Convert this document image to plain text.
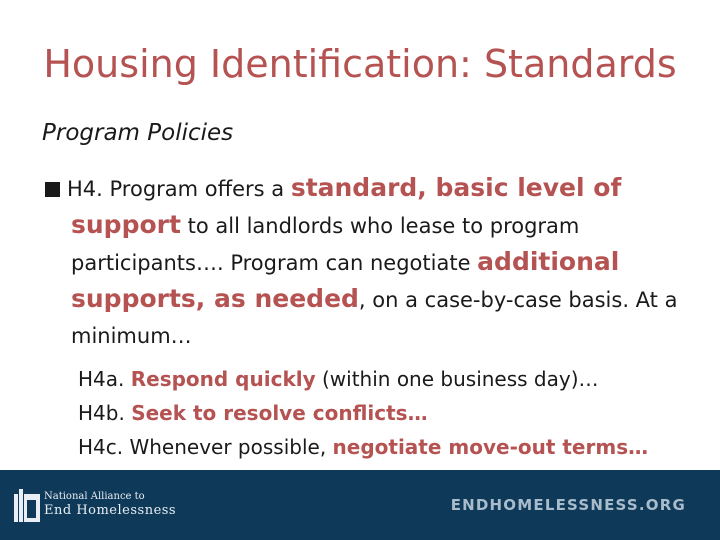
Housing Identification: Standards
Program Policies
H4. Program offers a standard, basic level of support to all landlords who lease to program participants…. Program can negotiate additional supports, as needed, on a case-by-case basis. At a minimum…
H4a. Respond quickly (within one business day)…
H4b. Seek to resolve conflicts…
H4c. Whenever possible, negotiate move-out terms…
National Alliance to
End Homelessness	ENDHOMELESSNESS.ORG
